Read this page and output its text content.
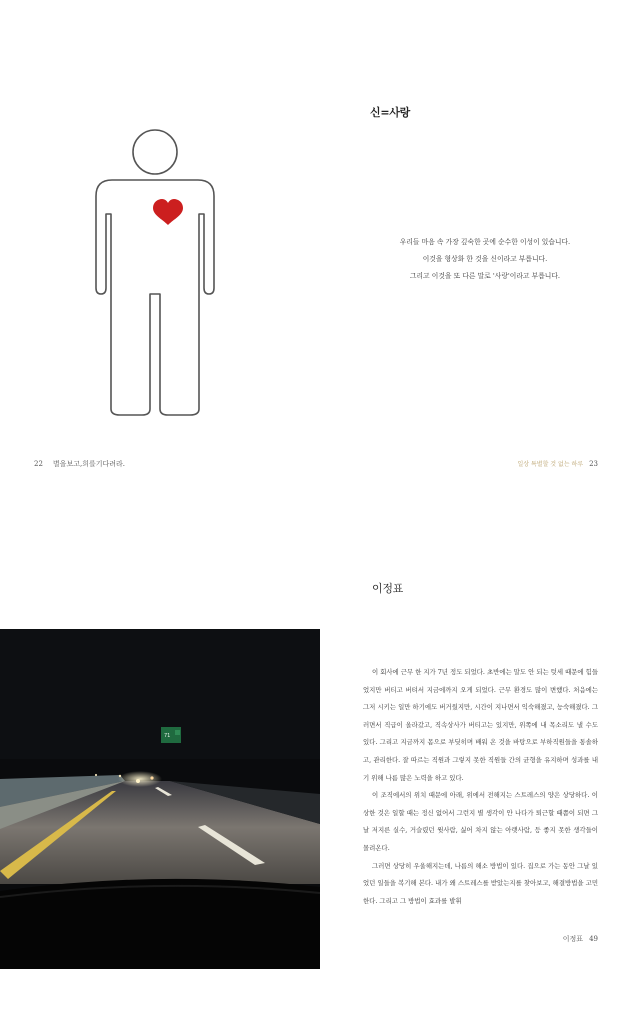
신=사랑
우리들 마음 속 가장 깊숙한 곳에 순수한 이성이 있습니다.
이것을 형상화 한 것을 신이라고 부릅니다.
그리고 이것을 또 다른 말로 '사랑'이라고 부릅니다.
22 별을보고,희를기다려라.	일상 특별할 것 없는 하루 23
이정표
71

이 회사에 근무 한 지가 7년 정도 되었다. 초반에는 말도 안 되는 텃세 때문에 힘들었지만 버티고 버텨서 지금에까지 오게 되었다. 근무 환경도 많이 변했다. 처음에는 그저 시키는 일만 하기에도 버거웠지만, 시간이 지나면서 익숙해졌고, 능숙해졌다. 그러면서 직급이 올라갔고, 직속상사가 버티고는 있지만, 위쪽에 내 목소리도 낼 수도 있다. 그리고 지금까지 몸으로 부딪히며 배워 온 것을 바탕으로 부하직원들을 통솔하고, 관리한다. 잘 따르는 직원과 그렇지 못한 직원들 간의 균형을 유지하며 성과를 내기 위해 나름 많은 노력을 하고 있다.

이 조직에서의 위치 때문에 아래, 위에서 전해지는 스트레스의 양은 상당하다. 이상한 것은 일할 때는 정신 없어서 그런지 별 생각이 안 나다가 퇴근할 때쯤이 되면 그날 저지른 실수, 거슬렸던 윗사람, 싫어 차지 않는 아랫사람, 등 좋지 못한 생각들이 몰려온다.

그러면 상당히 우울해지는데, 나름의 해소 방법이 있다. 집으로 가는 동안 그날 있었던 일들을 복기해 본다. 내가 왜 스트레스를 받았는지를 찾아보고, 해결방법을 고민한다. 그리고 그 방법이 효과를 발휘

이정표 49
